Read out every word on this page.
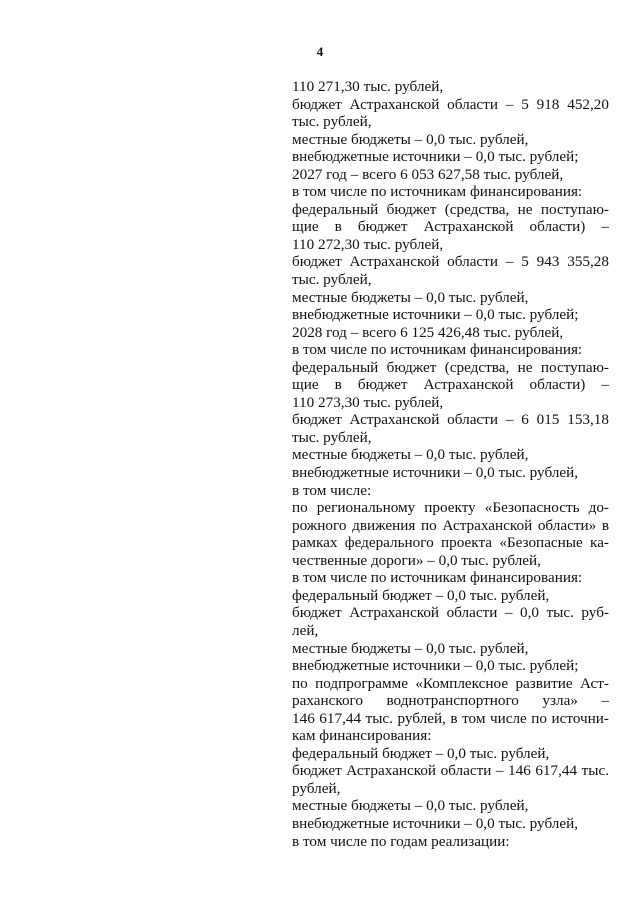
4
110 271,30 тыс. рублей,
бюджет Астраханской области – 5 918 452,20
тыс. рублей,
местные бюджеты – 0,0 тыс. рублей,
внебюджетные источники – 0,0 тыс. рублей;
2027 год – всего 6 053 627,58 тыс. рублей,
в том числе по источникам финансирования:
федеральный бюджет (средства, не поступаю-
щие в бюджет Астраханской области) –
110 272,30 тыс. рублей,
бюджет Астраханской области – 5 943 355,28
тыс. рублей,
местные бюджеты – 0,0 тыс. рублей,
внебюджетные источники – 0,0 тыс. рублей;
2028 год – всего 6 125 426,48 тыс. рублей,
в том числе по источникам финансирования:
федеральный бюджет (средства, не поступаю-
щие в бюджет Астраханской области) –
110 273,30 тыс. рублей,
бюджет Астраханской области – 6 015 153,18
тыс. рублей,
местные бюджеты – 0,0 тыс. рублей,
внебюджетные источники – 0,0 тыс. рублей,
в том числе:
по региональному проекту «Безопасность до-
рожного движения по Астраханской области» в
рамках федерального проекта «Безопасные ка-
чественные дороги» – 0,0 тыс. рублей,
в том числе по источникам финансирования:
федеральный бюджет – 0,0 тыс. рублей,
бюджет Астраханской области – 0,0 тыс. руб-
лей,
местные бюджеты – 0,0 тыс. рублей,
внебюджетные источники – 0,0 тыс. рублей;
по подпрограмме «Комплексное развитие Аст-
раханского воднотранспортного узла» –
146 617,44 тыс. рублей, в том числе по источни-
кам финансирования:
федеральный бюджет – 0,0 тыс. рублей,
бюджет Астраханской области – 146 617,44 тыс.
рублей,
местные бюджеты – 0,0 тыс. рублей,
внебюджетные источники – 0,0 тыс. рублей,
в том числе по годам реализации:
